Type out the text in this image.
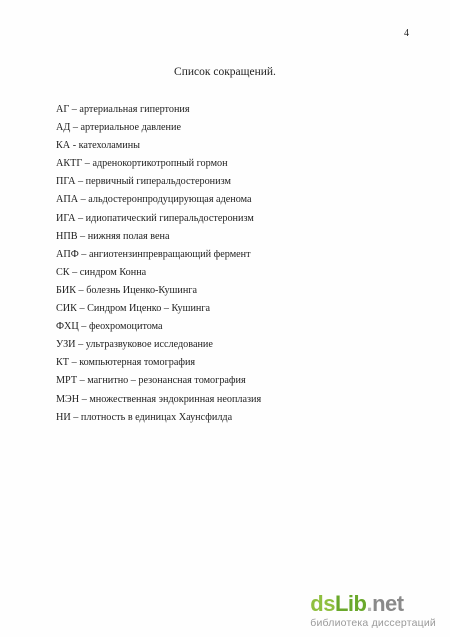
4
Список сокращений.
АГ – артериальная гипертония
АД – артериальное давление
КА - катехоламины
АКТГ – адренокортикотропный гормон
ПГА – первичный гиперальдостеронизм
АПА – альдостеронпродуцирующая аденома
ИГА – идиопатический гиперальдостеронизм
НПВ – нижняя полая вена
АПФ – ангиотензинпревращающий фермент
СК – синдром Конна
БИК – болезнь Иценко-Кушинга
СИК – Синдром Иценко – Кушинга
ФХЦ – феохромоцитома
УЗИ – ультразвуковое исследование
КТ – компьютерная томография
МРТ – магнитно – резонансная томография
МЭН – множественная эндокринная неоплазия
НИ – плотность в единицах Хаунсфилда
dsLib.net
библиотека диссертаций
